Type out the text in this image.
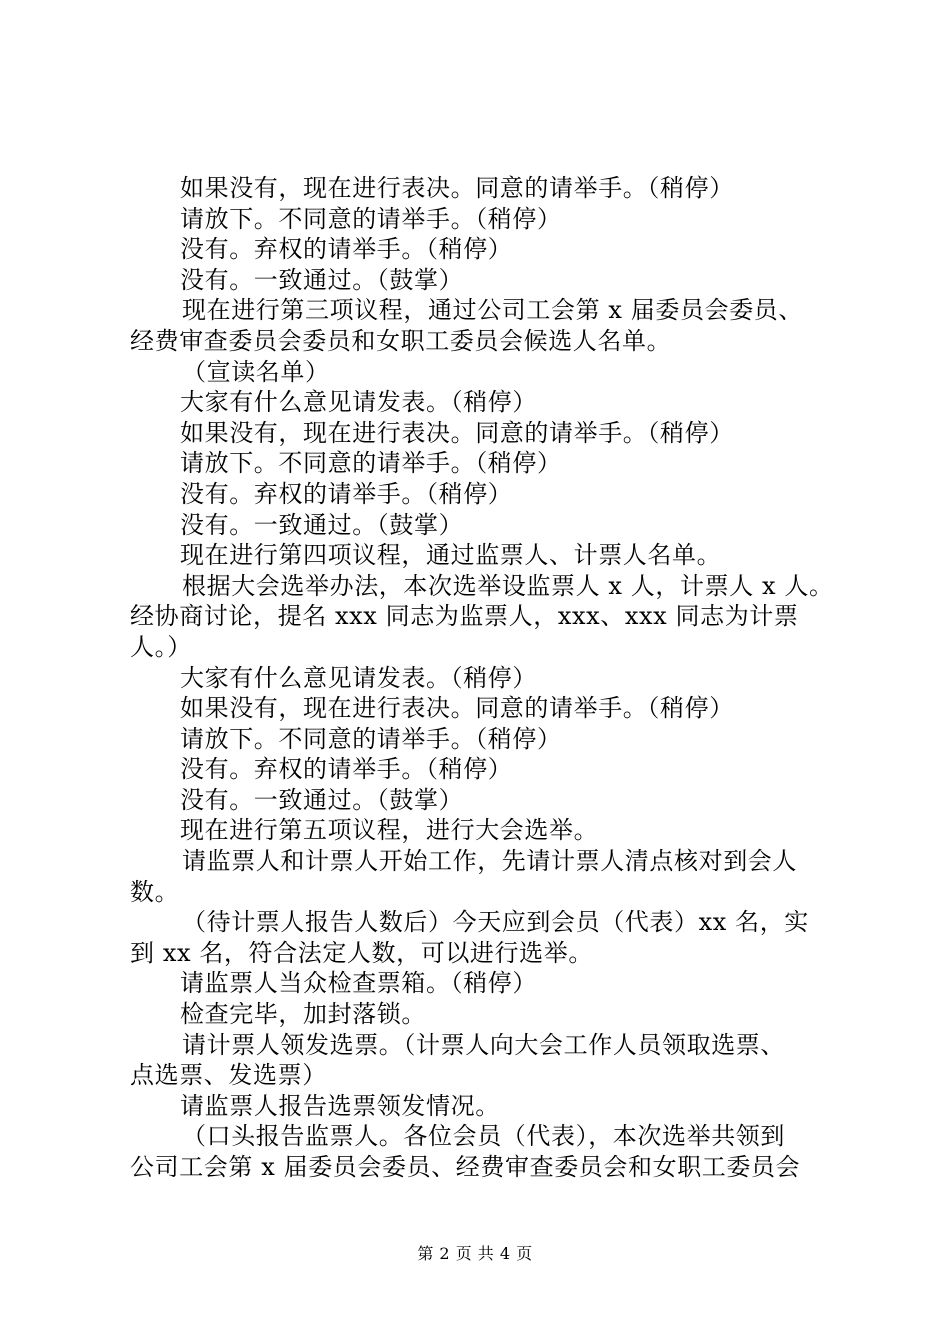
如果没有，现在进行表决。同意的请举手。（稍停）
请放下。不同意的请举手。（稍停）
没有。弃权的请举手。（稍停）
没有。一致通过。（鼓掌）
现在进行第三项议程，通过公司工会第 x 届委员会委员、
经费审查委员会委员和女职工委员会候选人名单。
（宣读名单）
大家有什么意见请发表。（稍停）
如果没有，现在进行表决。同意的请举手。（稍停）
请放下。不同意的请举手。（稍停）
没有。弃权的请举手。（稍停）
没有。一致通过。（鼓掌）
现在进行第四项议程，通过监票人、计票人名单。
根据大会选举办法，本次选举设监票人 x 人，计票人 x 人。
经协商讨论，提名 xxx 同志为监票人，xxx、xxx 同志为计票
人。）
大家有什么意见请发表。（稍停）
如果没有，现在进行表决。同意的请举手。（稍停）
请放下。不同意的请举手。（稍停）
没有。弃权的请举手。（稍停）
没有。一致通过。（鼓掌）
现在进行第五项议程，进行大会选举。
请监票人和计票人开始工作，先请计票人清点核对到会人
数。
（待计票人报告人数后）今天应到会员（代表）xx 名，实
到 xx 名，符合法定人数，可以进行选举。
请监票人当众检查票箱。（稍停）
检查完毕，加封落锁。
请计票人领发选票。（计票人向大会工作人员领取选票、
点选票、发选票）
请监票人报告选票领发情况。
（口头报告监票人。各位会员（代表），本次选举共领到
公司工会第 x 届委员会委员、经费审查委员会和女职工委员会
第 2 页 共 4 页
